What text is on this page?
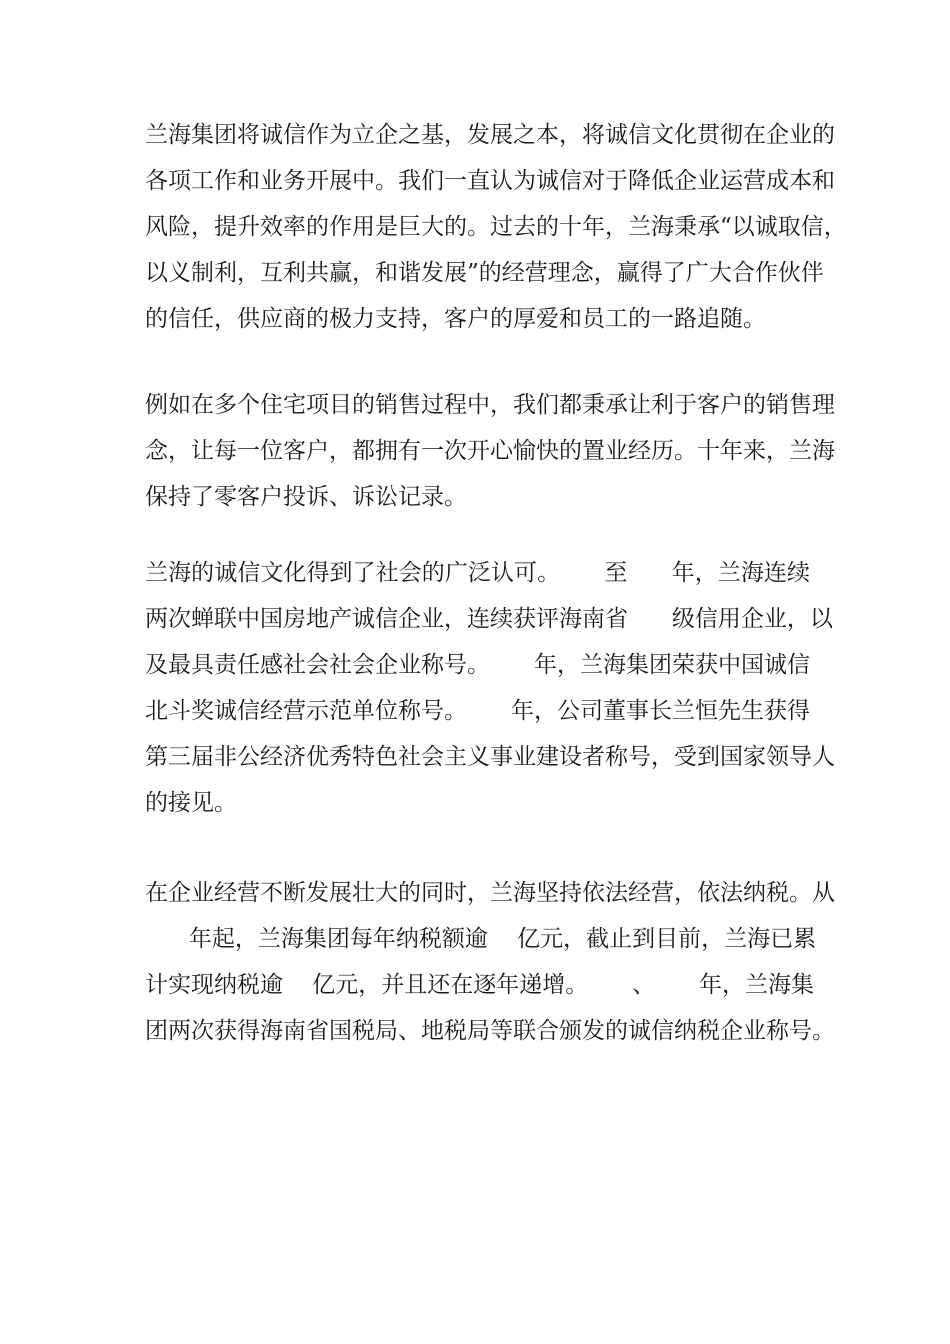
兰海集团将诚信作为立企之基，发展之本，将诚信文化贯彻在企业的
各项工作和业务开展中。我们一直认为诚信对于降低企业运营成本和
风险，提升效率的作用是巨大的。过去的十年，兰海秉承“以诚取信，
以义制利，互利共赢，和谐发展”的经营理念，赢得了广大合作伙伴
的信任，供应商的极力支持，客户的厚爱和员工的一路追随。
例如在多个住宅项目的销售过程中，我们都秉承让利于客户的销售理
念，让每一位客户，都拥有一次开心愉快的置业经历。十年来，兰海
保持了零客户投诉、诉讼记录。
兰海的诚信文化得到了社会的广泛认可。      至      年，兰海连续
两次蝉联中国房地产诚信企业，连续获评海南省      级信用企业，以
及最具责任感社会社会企业称号。      年，兰海集团荣获中国诚信
北斗奖诚信经营示范单位称号。      年，公司董事长兰恒先生获得
第三届非公经济优秀特色社会主义事业建设者称号，受到国家领导人
的接见。
在企业经营不断发展壮大的同时，兰海坚持依法经营，依法纳税。从
年起，兰海集团每年纳税额逾    亿元，截止到目前，兰海已累
计实现纳税逾    亿元，并且还在逐年递增。      、      年，兰海集
团两次获得海南省国税局、地税局等联合颁发的诚信纳税企业称号。
